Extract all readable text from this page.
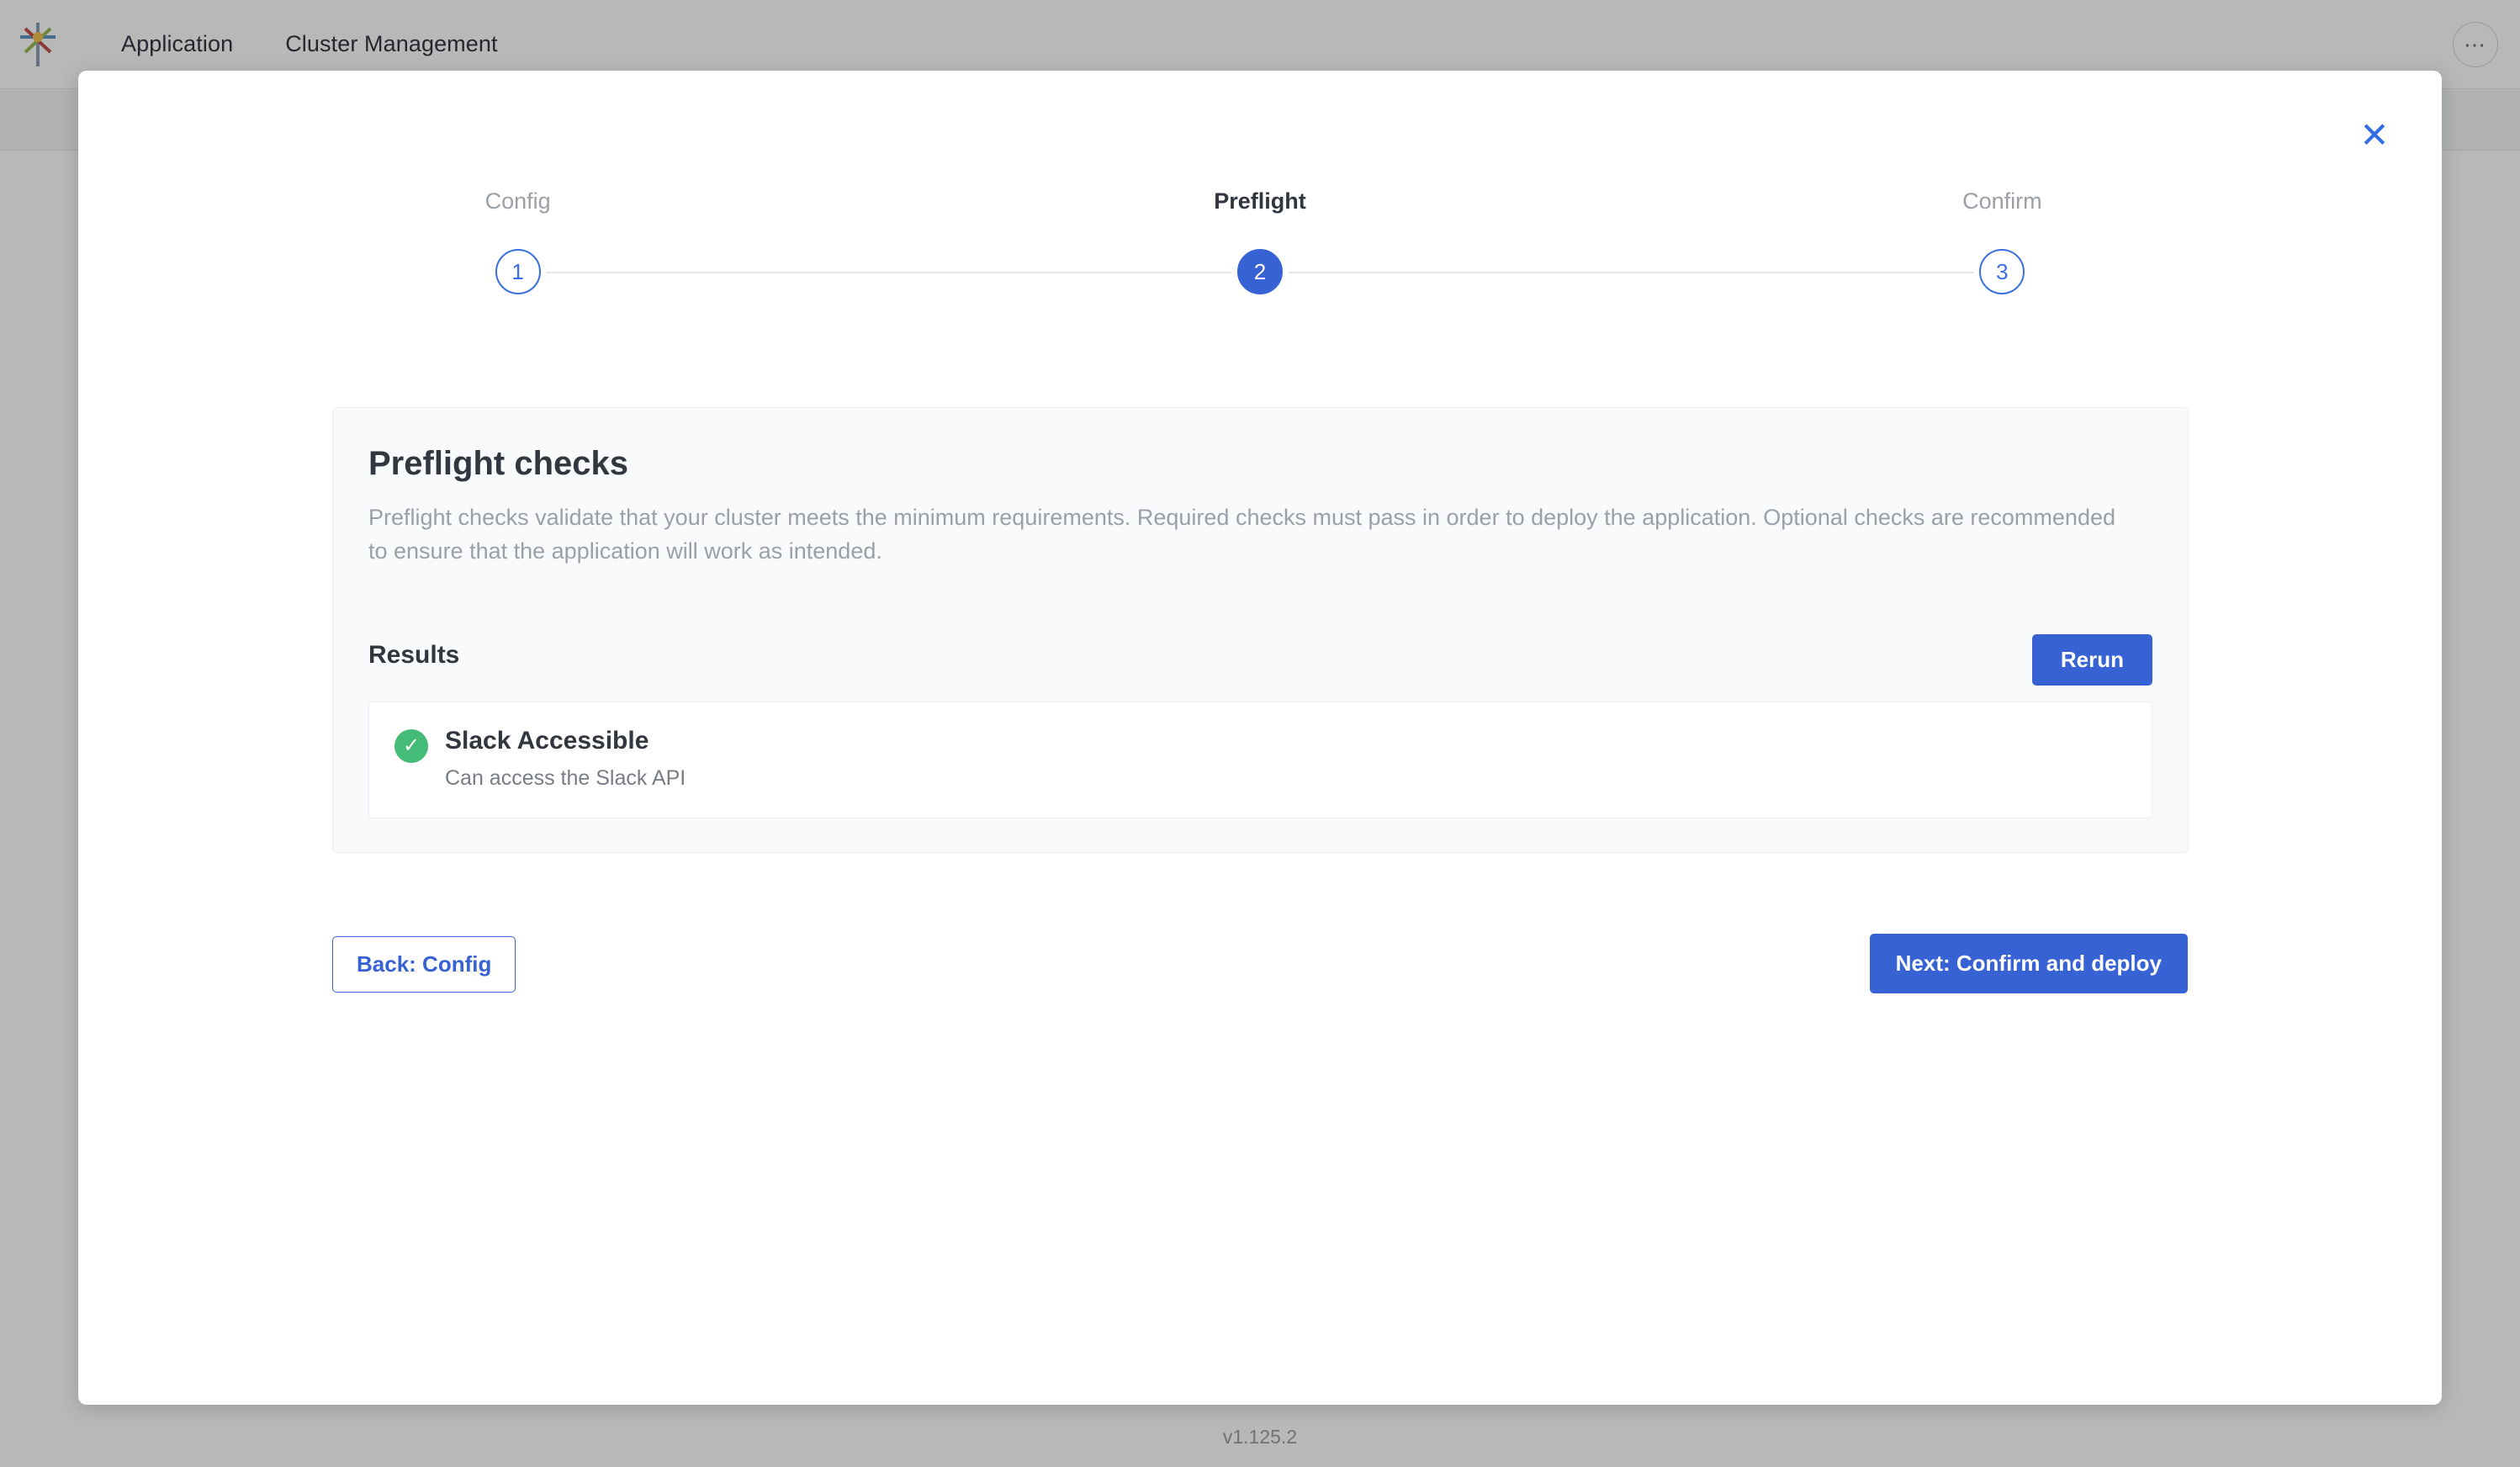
Application Cluster Management	⋯
v1.125.2
✕
Config	Preflight	Confirm
1	2	3
Preflight checks

Preflight checks validate that your cluster meets the minimum requirements. Required checks must pass in order to deploy the application. Optional checks are recommended to ensure that the application will work as intended.

Results	Rerun
✓ Slack Accessible
Can access the Slack API
Back: Config	Next: Confirm and deploy
